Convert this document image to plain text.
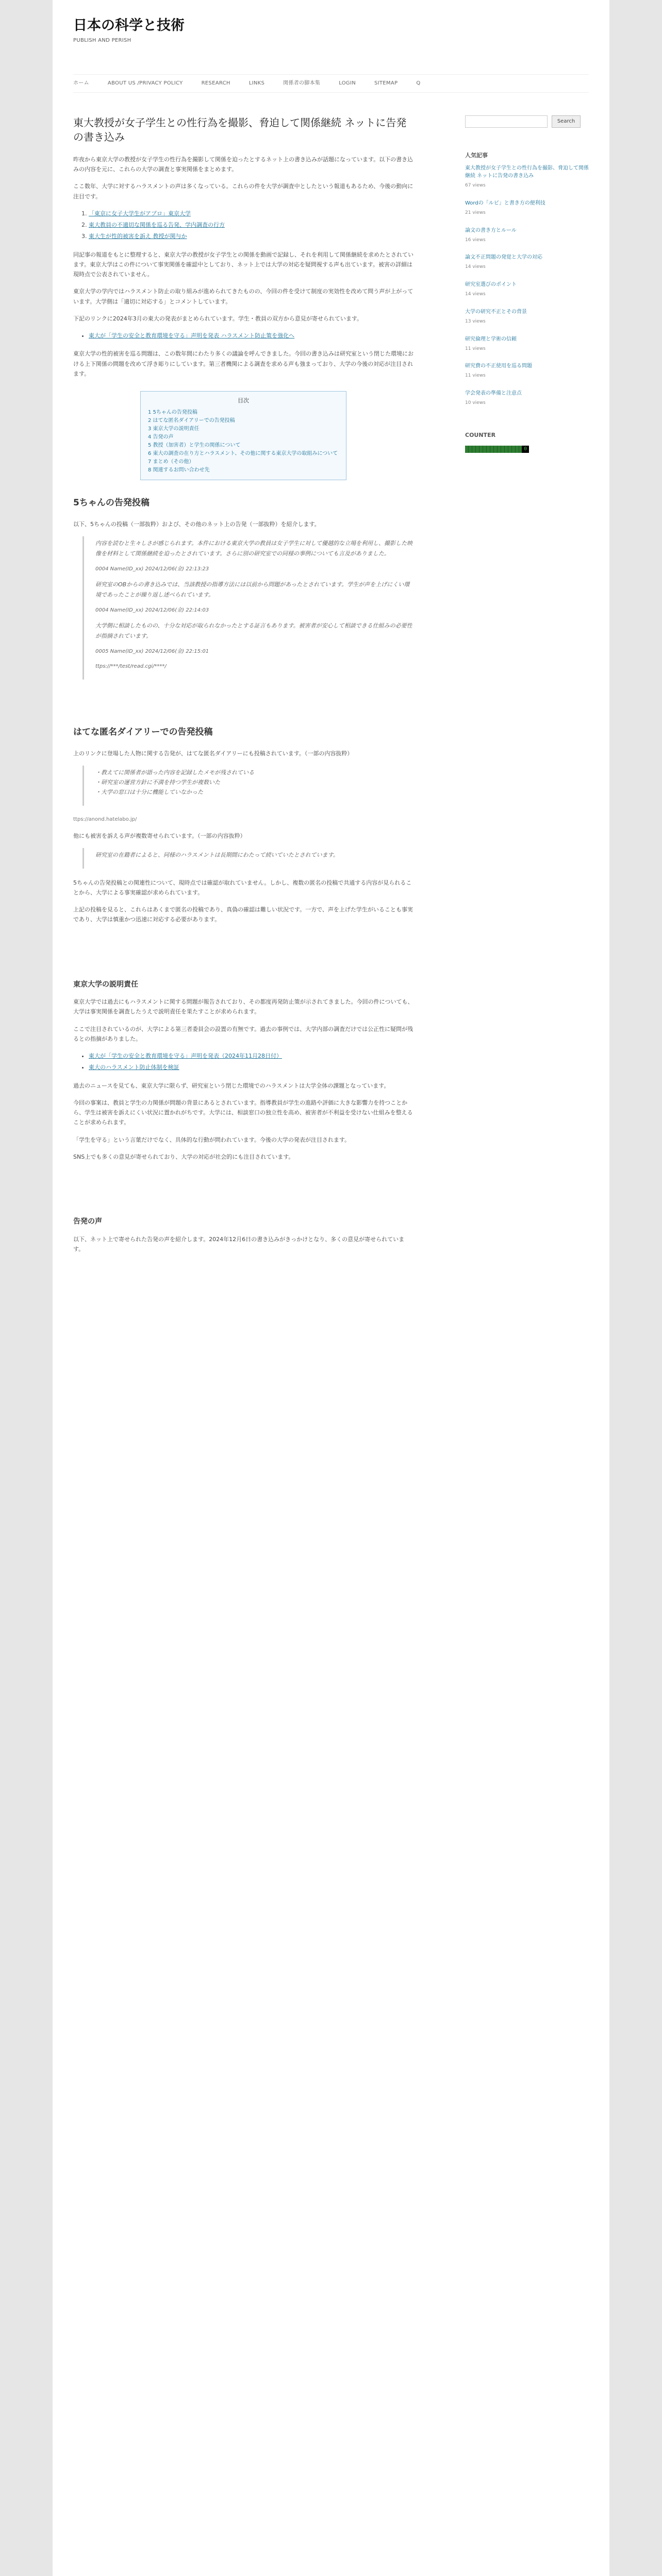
日本の科学と技術
PUBLISH AND PERISH
ホーム	ABOUT US /PRIVACY POLICY	RESEARCH	LINKS	関係者の脚本集	LOGIN	SITEMAP	Q
東大教授が女子学生との性行為を撮影、脅迫して関係継続 ネットに告発の書き込み

昨夜から東京大学の教授が女子学生の性行為を撮影して関係を迫ったとするネット上の書き込みが話題になっています。以下の書き込みの内容を元に、これらの大学の調査と事実関係をまとめます。

ここ数年、大学に対するハラスメントの声は多くなっている。これらの件を大学が調査中としたという報道もあるため、今後の動向に注目です。

1. 「東京に女子大学生がアプロ」東京大学
2. 東大教員の不適切な関係を巡る告発、学内調査の行方
3. 東大生が性的被害を訴え 教授が関与か

同記事の報道をもとに整理すると、東京大学の教授が女子学生との関係を動画で記録し、それを利用して関係継続を求めたとされています。東京大学はこの件について事実関係を確認中としており、ネット上では大学の対応を疑問視する声も出ています。被害の詳細は現時点で公表されていません。

東京大学の学内ではハラスメント防止の取り組みが進められてきたものの、今回の件を受けて制度の実効性を改めて問う声が上がっています。大学側は「適切に対応する」とコメントしています。

下記のリンクに2024年3月の東大の発表がまとめられています。学生・教員の双方から意見が寄せられています。

• 東大が「学生の安全と教育環境を守る」声明を発表 ハラスメント防止策を強化へ

東京大学の性的被害を巡る問題は、この数年間にわたり多くの議論を呼んできました。今回の書き込みは研究室という閉じた環境における上下関係の問題を改めて浮き彫りにしています。第三者機関による調査を求める声も強まっており、大学の今後の対応が注目されます。

目次
1 5ちゃんの告発投稿
2 はてな匿名ダイアリーでの告発投稿
3 東京大学の説明責任
4 告発の声
5 教授（加害者）と学生の関係について
6 東大の調査の在り方とハラスメント、その他に関する東京大学の取組みについて
7 まとめ（その他）
8 関連するお問い合わせ先
5ちゃんの告発投稿

以下、5ちゃんの投稿（一部抜粋）および、その他のネット上の告発（一部抜粋）を紹介します。

内容を読むと生々しさが感じられます。本件における東京大学の教員は女子学生に対して優越的な立場を利用し、撮影した映像を材料として関係継続を迫ったとされています。さらに別の研究室での同様の事例についても言及がありました。

0004 Name(ID_xx) 2024/12/06(金) 22:13:23

研究室のOBからの書き込みでは、当該教授の指導方法には以前から問題があったとされています。学生が声を上げにくい環境であったことが繰り返し述べられています。

0004 Name(ID_xx) 2024/12/06(金) 22:14:03

大学側に相談したものの、十分な対応が取られなかったとする証言もあります。被害者が安心して相談できる仕組みの必要性が指摘されています。

0005 Name(ID_xx) 2024/12/06(金) 22:15:01

ttps://***/test/read.cgi/****/

はてな匿名ダイアリーでの告発投稿

上のリンクに登場した人物に関する告発が、はてな匿名ダイアリーにも投稿されています。（一部の内容抜粋）

・教えてに関係者が語った内容を記録したメモが残されている
・研究室の運営方針に不満を持つ学生が複数いた
・大学の窓口は十分に機能していなかった

ttps://anond.hatelabo.jp/

他にも被害を訴える声が複数寄せられています。（一部の内容抜粋）

研究室の在籍者によると、同様のハラスメントは長期間にわたって続いていたとされています。

5ちゃんの告発投稿との関連性について、現時点では確認が取れていません。しかし、複数の匿名の投稿で共通する内容が見られることから、大学による事実確認が求められています。

上記の投稿を見ると、これらはあくまで匿名の投稿であり、真偽の確認は難しい状況です。一方で、声を上げた学生がいることも事実であり、大学は慎重かつ迅速に対応する必要があります。

東京大学の説明責任

東京大学では過去にもハラスメントに関する問題が報告されており、その都度再発防止策が示されてきました。今回の件についても、大学は事実関係を調査したうえで説明責任を果たすことが求められます。

ここで注目されているのが、大学による第三者委員会の設置の有無です。過去の事例では、大学内部の調査だけでは公正性に疑問が残るとの指摘がありました。

• 東大が「学生の安全と教育環境を守る」声明を発表（2024年11月28日付）
• 東大のハラスメント防止体制を検証

過去のニュースを見ても、東京大学に限らず、研究室という閉じた環境でのハラスメントは大学全体の課題となっています。

今回の事案は、教員と学生の力関係が問題の背景にあるとされています。指導教員が学生の進路や評価に大きな影響力を持つことから、学生は被害を訴えにくい状況に置かれがちです。大学には、相談窓口の独立性を高め、被害者が不利益を受けない仕組みを整えることが求められます。

「学生を守る」という言葉だけでなく、具体的な行動が問われています。今後の大学の発表が注目されます。

SNS上でも多くの意見が寄せられており、大学の対応が社会的にも注目されています。

告発の声

以下、ネット上で寄せられた告発の声を紹介します。2024年12月6日の書き込みがきっかけとなり、多くの意見が寄せられています。

Search
人気記事
東大教授が女子学生との性行為を撮影、脅迫して関係継続 ネットに告発の書き込み
67 views
Wordの「ルビ」と書き方の便利技
21 views
論文の書き方とルール
16 views
論文不正問題の発覚と大学の対応
14 views
研究室選びのポイント
14 views
大学の研究不正とその背景
13 views
研究倫理と学術の信頼
11 views
研究費の不正使用を巡る問題
11 views
学会発表の準備と注意点
10 views
COUNTER
0
